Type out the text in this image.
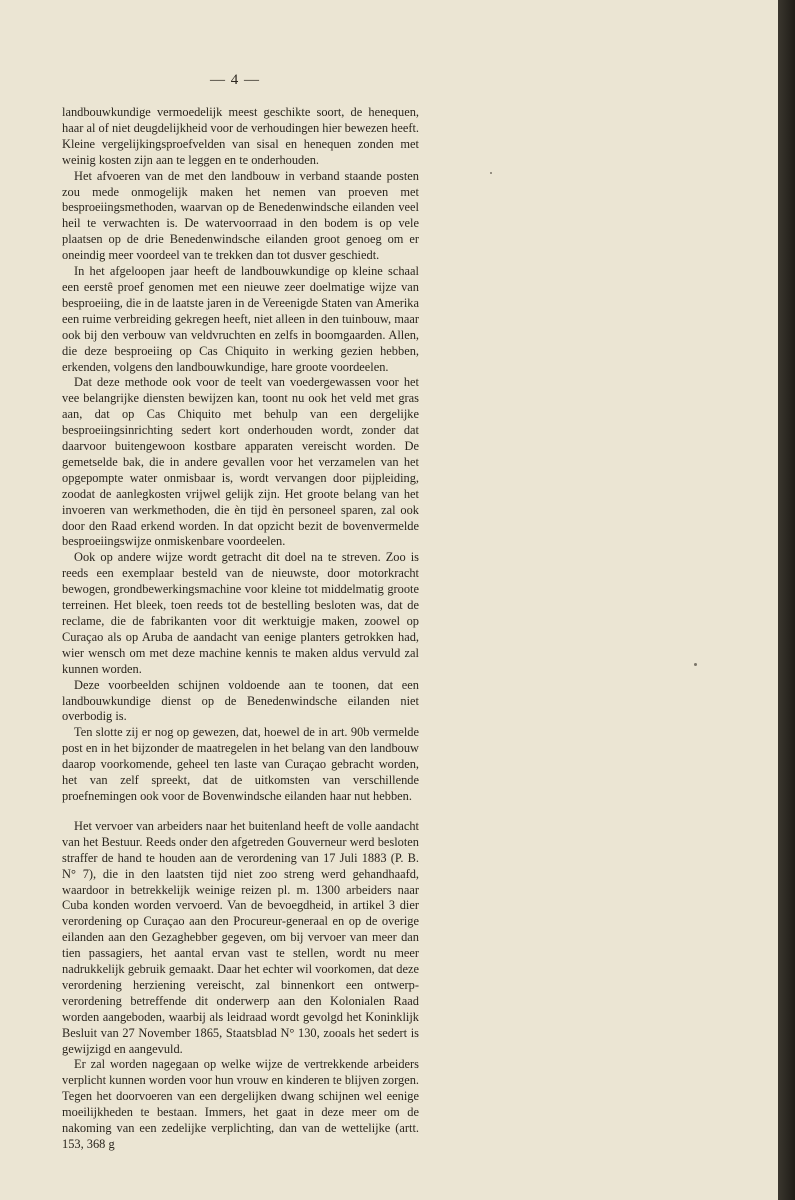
— 4 —

landbouwkundige vermoedelijk meest geschikte soort, de henequen, haar al of niet deugdelijkheid voor de verhoudingen hier bewezen heeft. Kleine vergelijkingsproefvelden van sisal en henequen zonden met weinig kosten zijn aan te leggen en te onderhouden.

Het afvoeren van de met den landbouw in verband staande posten zou mede onmogelijk maken het nemen van proeven met besproeiingsmethoden, waarvan op de Benedenwindsche eilanden veel heil te verwachten is. De watervoorraad in den bodem is op vele plaatsen op de drie Benedenwindsche eilanden groot genoeg om er oneindig meer voordeel van te trekken dan tot dusver geschiedt.

In het afgeloopen jaar heeft de landbouwkundige op kleine schaal een eerstê proef genomen met een nieuwe zeer doelmatige wijze van besproeiing, die in de laatste jaren in de Vereenigde Staten van Amerika een ruime verbreiding gekregen heeft, niet alleen in den tuinbouw, maar ook bij den verbouw van veldvruchten en zelfs in boomgaarden. Allen, die deze besproeiing op Cas Chiquito in werking gezien hebben, erkenden, volgens den landbouwkundige, hare groote voordeelen.

Dat deze methode ook voor de teelt van voedergewassen voor het vee belangrijke diensten bewijzen kan, toont nu ook het veld met gras aan, dat op Cas Chiquito met behulp van een dergelijke besproeiingsinrichting sedert kort onderhouden wordt, zonder dat daarvoor buitengewoon kostbare apparaten vereischt worden. De gemetselde bak, die in andere gevallen voor het verzamelen van het opgepompte water onmisbaar is, wordt vervangen door pijpleiding, zoodat de aanlegkosten vrijwel gelijk zijn. Het groote belang van het invoeren van werkmethoden, die èn tijd èn personeel sparen, zal ook door den Raad erkend worden. In dat opzicht bezit de bovenvermelde besproeiingswijze onmiskenbare voordeelen.

Ook op andere wijze wordt getracht dit doel na te streven. Zoo is reeds een exemplaar besteld van de nieuwste, door motorkracht bewogen, grondbewerkingsmachine voor kleine tot middelmatig groote terreinen. Het bleek, toen reeds tot de bestelling besloten was, dat de reclame, die de fabrikanten voor dit werktuigje maken, zoowel op Curaçao als op Aruba de aandacht van eenige planters getrokken had, wier wensch om met deze machine kennis te maken aldus vervuld zal kunnen worden.

Deze voorbeelden schijnen voldoende aan te toonen, dat een landbouwkundige dienst op de Benedenwindsche eilanden niet overbodig is.

Ten slotte zij er nog op gewezen, dat, hoewel de in art. 90b vermelde post en in het bijzonder de maatregelen in het belang van den landbouw daarop voorkomende, geheel ten laste van Curaçao gebracht worden, het van zelf spreekt, dat de uitkomsten van verschillende proefnemingen ook voor de Bovenwindsche eilanden haar nut hebben.

Het vervoer van arbeiders naar het buitenland heeft de volle aandacht van het Bestuur. Reeds onder den afgetreden Gouverneur werd besloten straffer de hand te houden aan de verordening van 17 Juli 1883 (P. B. N° 7), die in den laatsten tijd niet zoo streng werd gehandhaafd, waardoor in betrekkelijk weinige reizen pl. m. 1300 arbeiders naar Cuba konden worden vervoerd. Van de bevoegdheid, in artikel 3 dier verordening op Curaçao aan den Procureur-generaal en op de overige eilanden aan den Gezaghebber gegeven, om bij vervoer van meer dan tien passagiers, het aantal ervan vast te stellen, wordt nu meer nadrukkelijk gebruik gemaakt. Daar het echter wil voorkomen, dat deze verordening herziening vereischt, zal binnenkort een ontwerp-verordening betreffende dit onderwerp aan den Kolonialen Raad worden aangeboden, waarbij als leidraad wordt gevolgd het Koninklijk Besluit van 27 November 1865, Staatsblad N° 130, zooals het sedert is gewijzigd en aangevuld.

Er zal worden nagegaan op welke wijze de vertrekkende arbeiders verplicht kunnen worden voor hun vrouw en kinderen te blijven zorgen. Tegen het doorvoeren van een dergelijken dwang schijnen wel eenige moeilijkheden te bestaan. Immers, het gaat in deze meer om de nakoming van een zedelijke verplichting, dan van de wettelijke (artt. 153, 368 g
